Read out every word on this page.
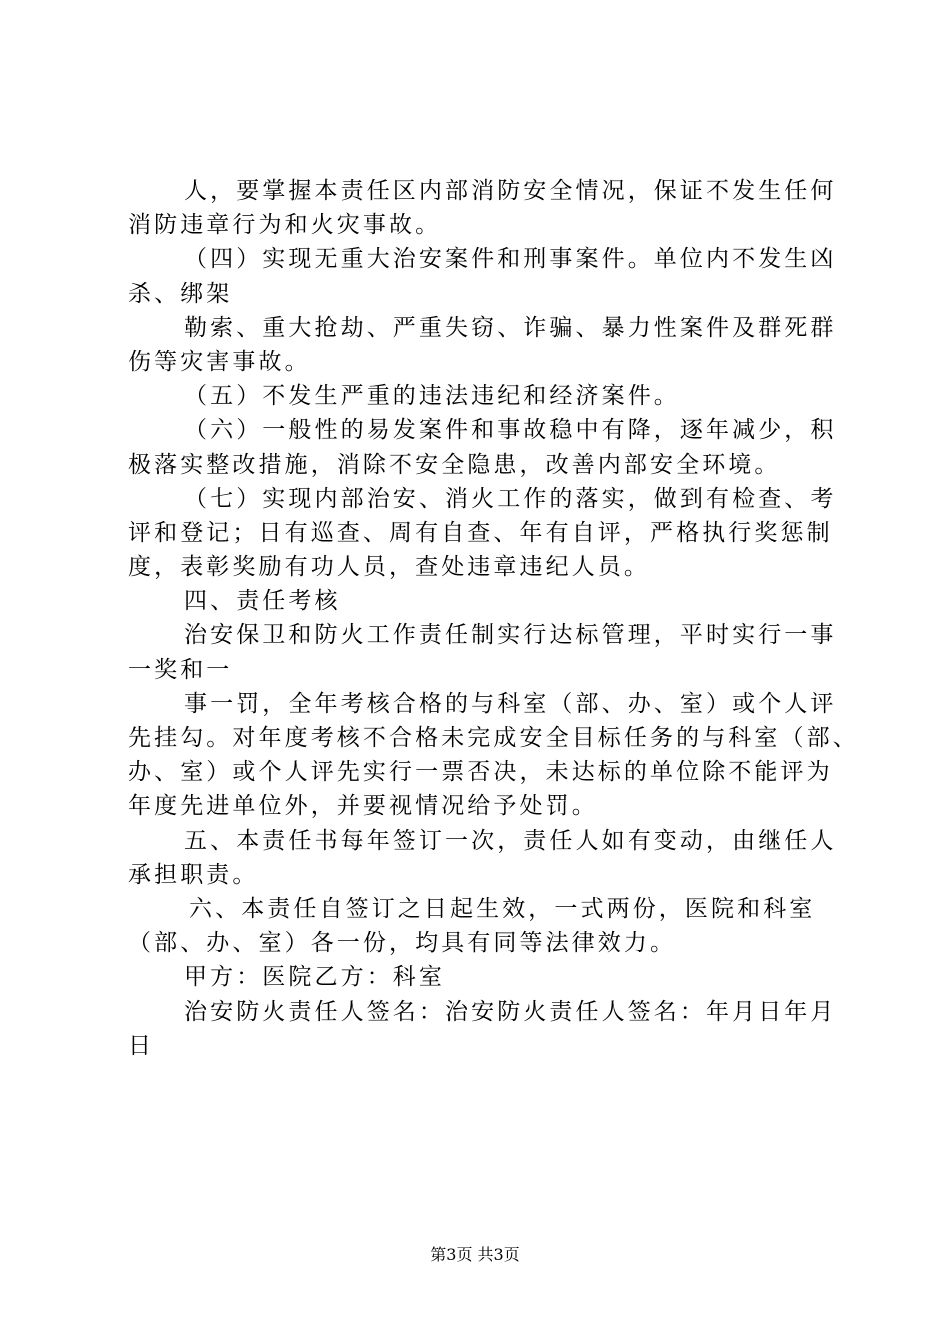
人，要掌握本责任区内部消防安全情况，保证不发生任何
消防违章行为和火灾事故。
（四）实现无重大治安案件和刑事案件。单位内不发生凶
杀、绑架
勒索、重大抢劫、严重失窃、诈骗、暴力性案件及群死群
伤等灾害事故。
（五）不发生严重的违法违纪和经济案件。
（六）一般性的易发案件和事故稳中有降，逐年减少，积
极落实整改措施，消除不安全隐患，改善内部安全环境。
（七）实现内部治安、消火工作的落实，做到有检查、考
评和登记；日有巡查、周有自查、年有自评，严格执行奖惩制
度，表彰奖励有功人员，查处违章违纪人员。
四、责任考核
治安保卫和防火工作责任制实行达标管理，平时实行一事
一奖和一
事一罚，全年考核合格的与科室（部、办、室）或个人评
先挂勾。对年度考核不合格未完成安全目标任务的与科室（部、
办、室）或个人评先实行一票否决，未达标的单位除不能评为
年度先进单位外，并要视情况给予处罚。
五、本责任书每年签订一次，责任人如有变动，由继任人
承担职责。
六、本责任自签订之日起生效，一式两份，医院和科室
（部、办、室）各一份，均具有同等法律效力。
甲方：医院乙方：科室
治安防火责任人签名：治安防火责任人签名：年月日年月
日
第3页 共3页
